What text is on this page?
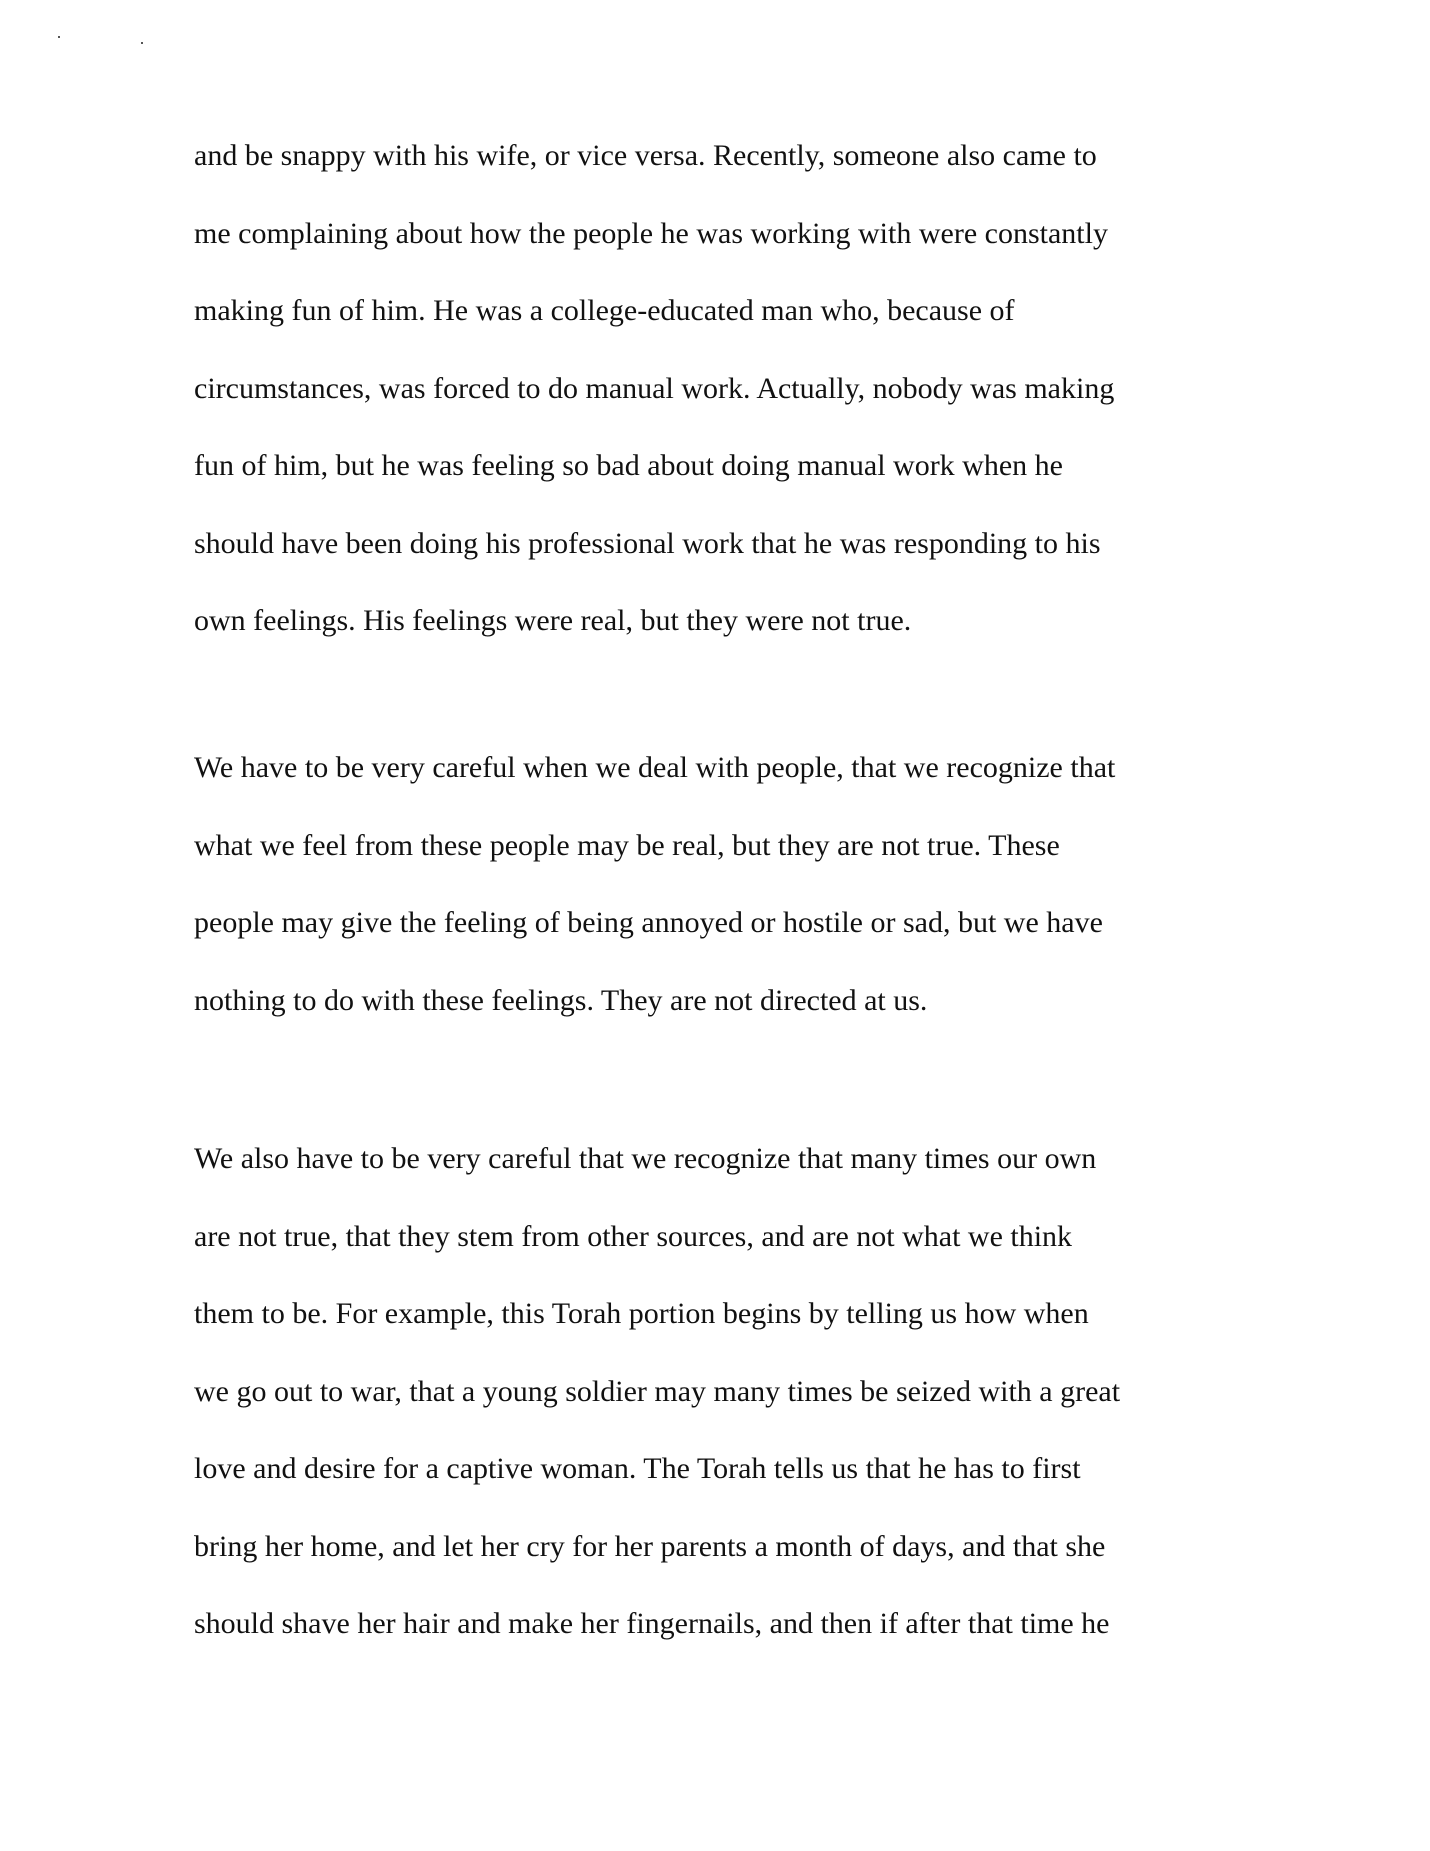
and be snappy with his wife, or vice versa. Recently, someone also came to
me complaining about how the people he was working with were constantly
making fun of him. He was a college-educated man who, because of
circumstances, was forced to do manual work. Actually, nobody was making
fun of him, but he was feeling so bad about doing manual work when he
should have been doing his professional work that he was responding to his
own feelings. His feelings were real, but they were not true.

We have to be very careful when we deal with people, that we recognize that
what we feel from these people may be real, but they are not true. These
people may give the feeling of being annoyed or hostile or sad, but we have
nothing to do with these feelings. They are not directed at us.

We also have to be very careful that we recognize that many times our own
are not true, that they stem from other sources, and are not what we think
them to be. For example, this Torah portion begins by telling us how when
we go out to war, that a young soldier may many times be seized with a great
love and desire for a captive woman. The Torah tells us that he has to first
bring her home, and let her cry for her parents a month of days, and that she
should shave her hair and make her fingernails, and then if after that time he
